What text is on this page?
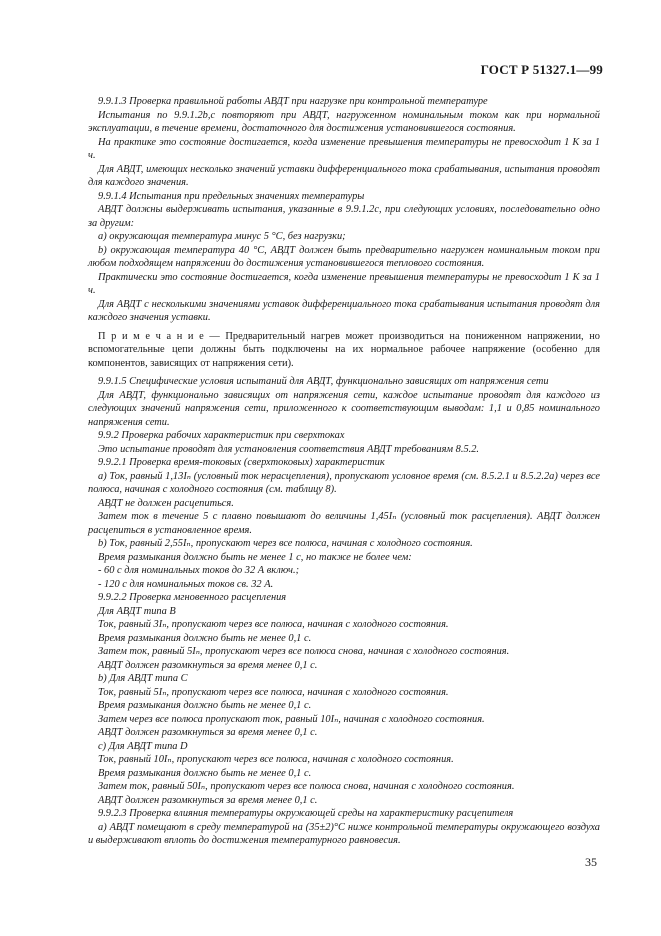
ГОСТ Р 51327.1—99

9.9.1.3 Проверка правильной работы АВДТ при нагрузке при контрольной температуре

Испытания по 9.9.1.2b,c повторяют при АВДТ, нагруженном номинальным током как при нормальной эксплуатации, в течение времени, достаточного для достижения установившегося состояния.

На практике это состояние достигается, когда изменение превышения температуры не превосходит 1 К за 1 ч.

Для АВДТ, имеющих несколько значений уставки дифференциального тока срабатывания, испытания проводят для каждого значения.

9.9.1.4 Испытания при предельных значениях температуры

АВДТ должны выдерживать испытания, указанные в 9.9.1.2c, при следующих условиях, последовательно одно за другим:

a) окружающая температура минус 5 °С, без нагрузки;

b) окружающая температура 40 °С, АВДТ должен быть предварительно нагружен номинальным током при любом подходящем напряжении до достижения установившегося теплового состояния.

Практически это состояние достигается, когда изменение превышения температуры не превосходит 1 К за 1 ч.

Для АВДТ с несколькими значениями уставок дифференциального тока срабатывания испытания проводят для каждого значения уставки.

П р и м е ч а н и е — Предварительный нагрев может производиться на пониженном напряжении, но вспомогательные цепи должны быть подключены на их нормальное рабочее напряжение (особенно для компонентов, зависящих от напряжения сети).

9.9.1.5 Специфические условия испытаний для АВДТ, функционально зависящих от напряжения сети

Для АВДТ, функционально зависящих от напряжения сети, каждое испытание проводят для каждого из следующих значений напряжения сети, приложенного к соответствующим выводам: 1,1 и 0,85 номинального напряжения сети.

9.9.2 Проверка рабочих характеристик при сверхтоках

Это испытание проводят для установления соответствия АВДТ требованиям 8.5.2.

9.9.2.1 Проверка время-токовых (сверхтоковых) характеристик

a) Ток, равный 1,13Iₙ (условный ток нерасцепления), пропускают условное время (см. 8.5.2.1 и 8.5.2.2a) через все полюса, начиная с холодного состояния (см. таблицу 8).

АВДТ не должен расцепиться.

Затем ток в течение 5 с плавно повышают до величины 1,45Iₙ (условный ток расцепления). АВДТ должен расцепиться в установленное время.

b) Ток, равный 2,55Iₙ, пропускают через все полюса, начиная с холодного состояния.

Время размыкания должно быть не менее 1 с, но также не более чем:

- 60 с для номинальных токов до 32 А включ.;

- 120 с для номинальных токов св. 32 А.

9.9.2.2 Проверка мгновенного расцепления

Для АВДТ типа B

Ток, равный 3Iₙ, пропускают через все полюса, начиная с холодного состояния.

Время размыкания должно быть не менее 0,1 с.

Затем ток, равный 5Iₙ, пропускают через все полюса снова, начиная с холодного состояния.

АВДТ должен разомкнуться за время менее 0,1 с.

b) Для АВДТ типа C

Ток, равный 5Iₙ, пропускают через все полюса, начиная с холодного состояния.

Время размыкания должно быть не менее 0,1 с.

Затем через все полюса пропускают ток, равный 10Iₙ, начиная с холодного состояния.

АВДТ должен разомкнуться за время менее 0,1 с.

c) Для АВДТ типа D

Ток, равный 10Iₙ, пропускают через все полюса, начиная с холодного состояния.

Время размыкания должно быть не менее 0,1 с.

Затем ток, равный 50Iₙ, пропускают через все полюса снова, начиная с холодного состояния.

АВДТ должен разомкнуться за время менее 0,1 с.

9.9.2.3 Проверка влияния температуры окружающей среды на характеристику расцепителя

a) АВДТ помещают в среду температурой на (35±2)°С ниже контрольной температуры окружающего воздуха и выдерживают вплоть до достижения температурного равновесия.

35
